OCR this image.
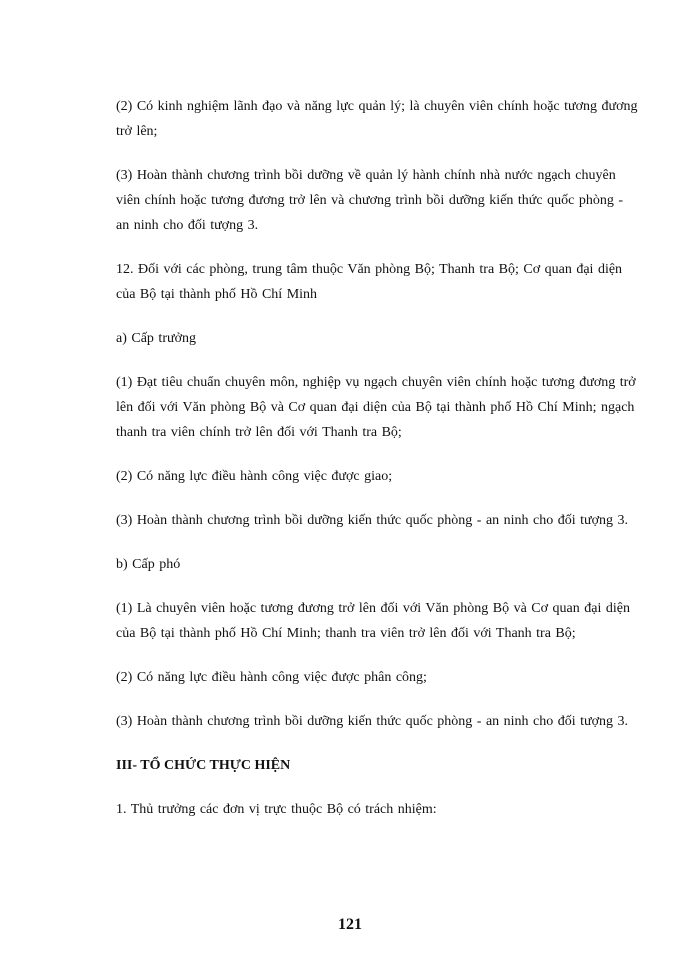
(2) Có kinh nghiệm lãnh đạo và năng lực quản lý; là chuyên viên chính hoặc tương đương trở lên;

(3) Hoàn thành chương trình bồi dưỡng về quản lý hành chính nhà nước ngạch chuyên viên chính hoặc tương đương trở lên và chương trình bồi dưỡng kiến thức quốc phòng - an ninh cho đối tượng 3.

12. Đối với các phòng, trung tâm thuộc Văn phòng Bộ; Thanh tra Bộ; Cơ quan đại diện của Bộ tại thành phố Hồ Chí Minh

a) Cấp trưởng

(1) Đạt tiêu chuẩn chuyên môn, nghiệp vụ ngạch chuyên viên chính hoặc tương đương trở lên đối với Văn phòng Bộ và Cơ quan đại diện của Bộ tại thành phố Hồ Chí Minh; ngạch thanh tra viên chính trở lên đối với Thanh tra Bộ;

(2) Có năng lực điều hành công việc được giao;

(3) Hoàn thành chương trình bồi dưỡng kiến thức quốc phòng - an ninh cho đối tượng 3.

b) Cấp phó

(1) Là chuyên viên hoặc tương đương trở lên đối với Văn phòng Bộ và Cơ quan đại diện của Bộ tại thành phố Hồ Chí Minh; thanh tra viên trở lên đối với Thanh tra Bộ;

(2) Có năng lực điều hành công việc được phân công;

(3) Hoàn thành chương trình bồi dưỡng kiến thức quốc phòng - an ninh cho đối tượng 3.

III- TỔ CHỨC THỰC HIỆN

1. Thủ trưởng các đơn vị trực thuộc Bộ có trách nhiệm:

121
